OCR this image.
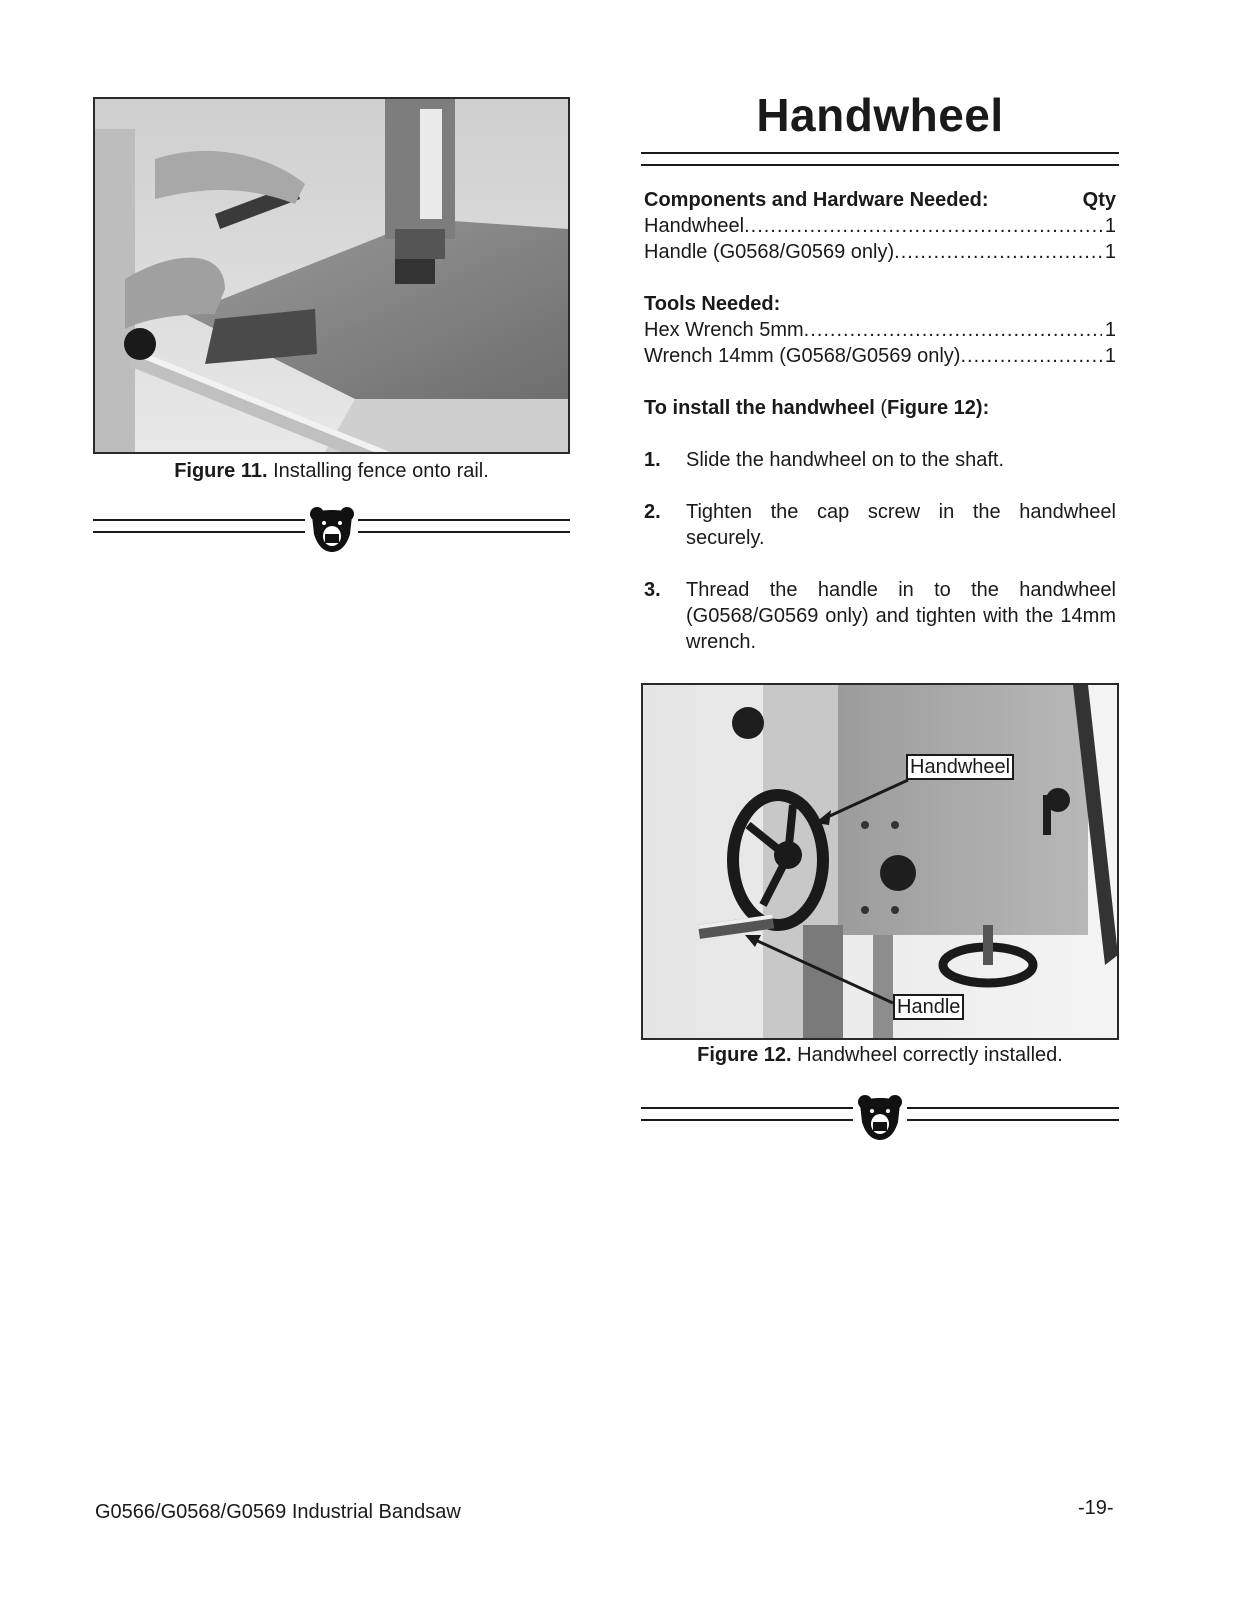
Figure 11. Installing fence onto rail.
Handwheel
Components and Hardware Needed:	Qty
Handwheel .....	1
Handle (G0568/G0569 only) .....	1
Tools Needed:
Hex Wrench 5mm .....	1
Wrench 14mm (G0568/G0569 only) .....	1
To install the handwheel (Figure 12):
1.	Slide the handwheel on to the shaft.
2.	Tighten the cap screw in the handwheel securely.
3.	Thread the handle in to the handwheel (G0568/G0569 only) and tighten with the 14mm wrench.
Handwheel
Handle
Figure 12. Handwheel correctly installed.
G0566/G0568/G0569 Industrial Bandsaw	-19-
